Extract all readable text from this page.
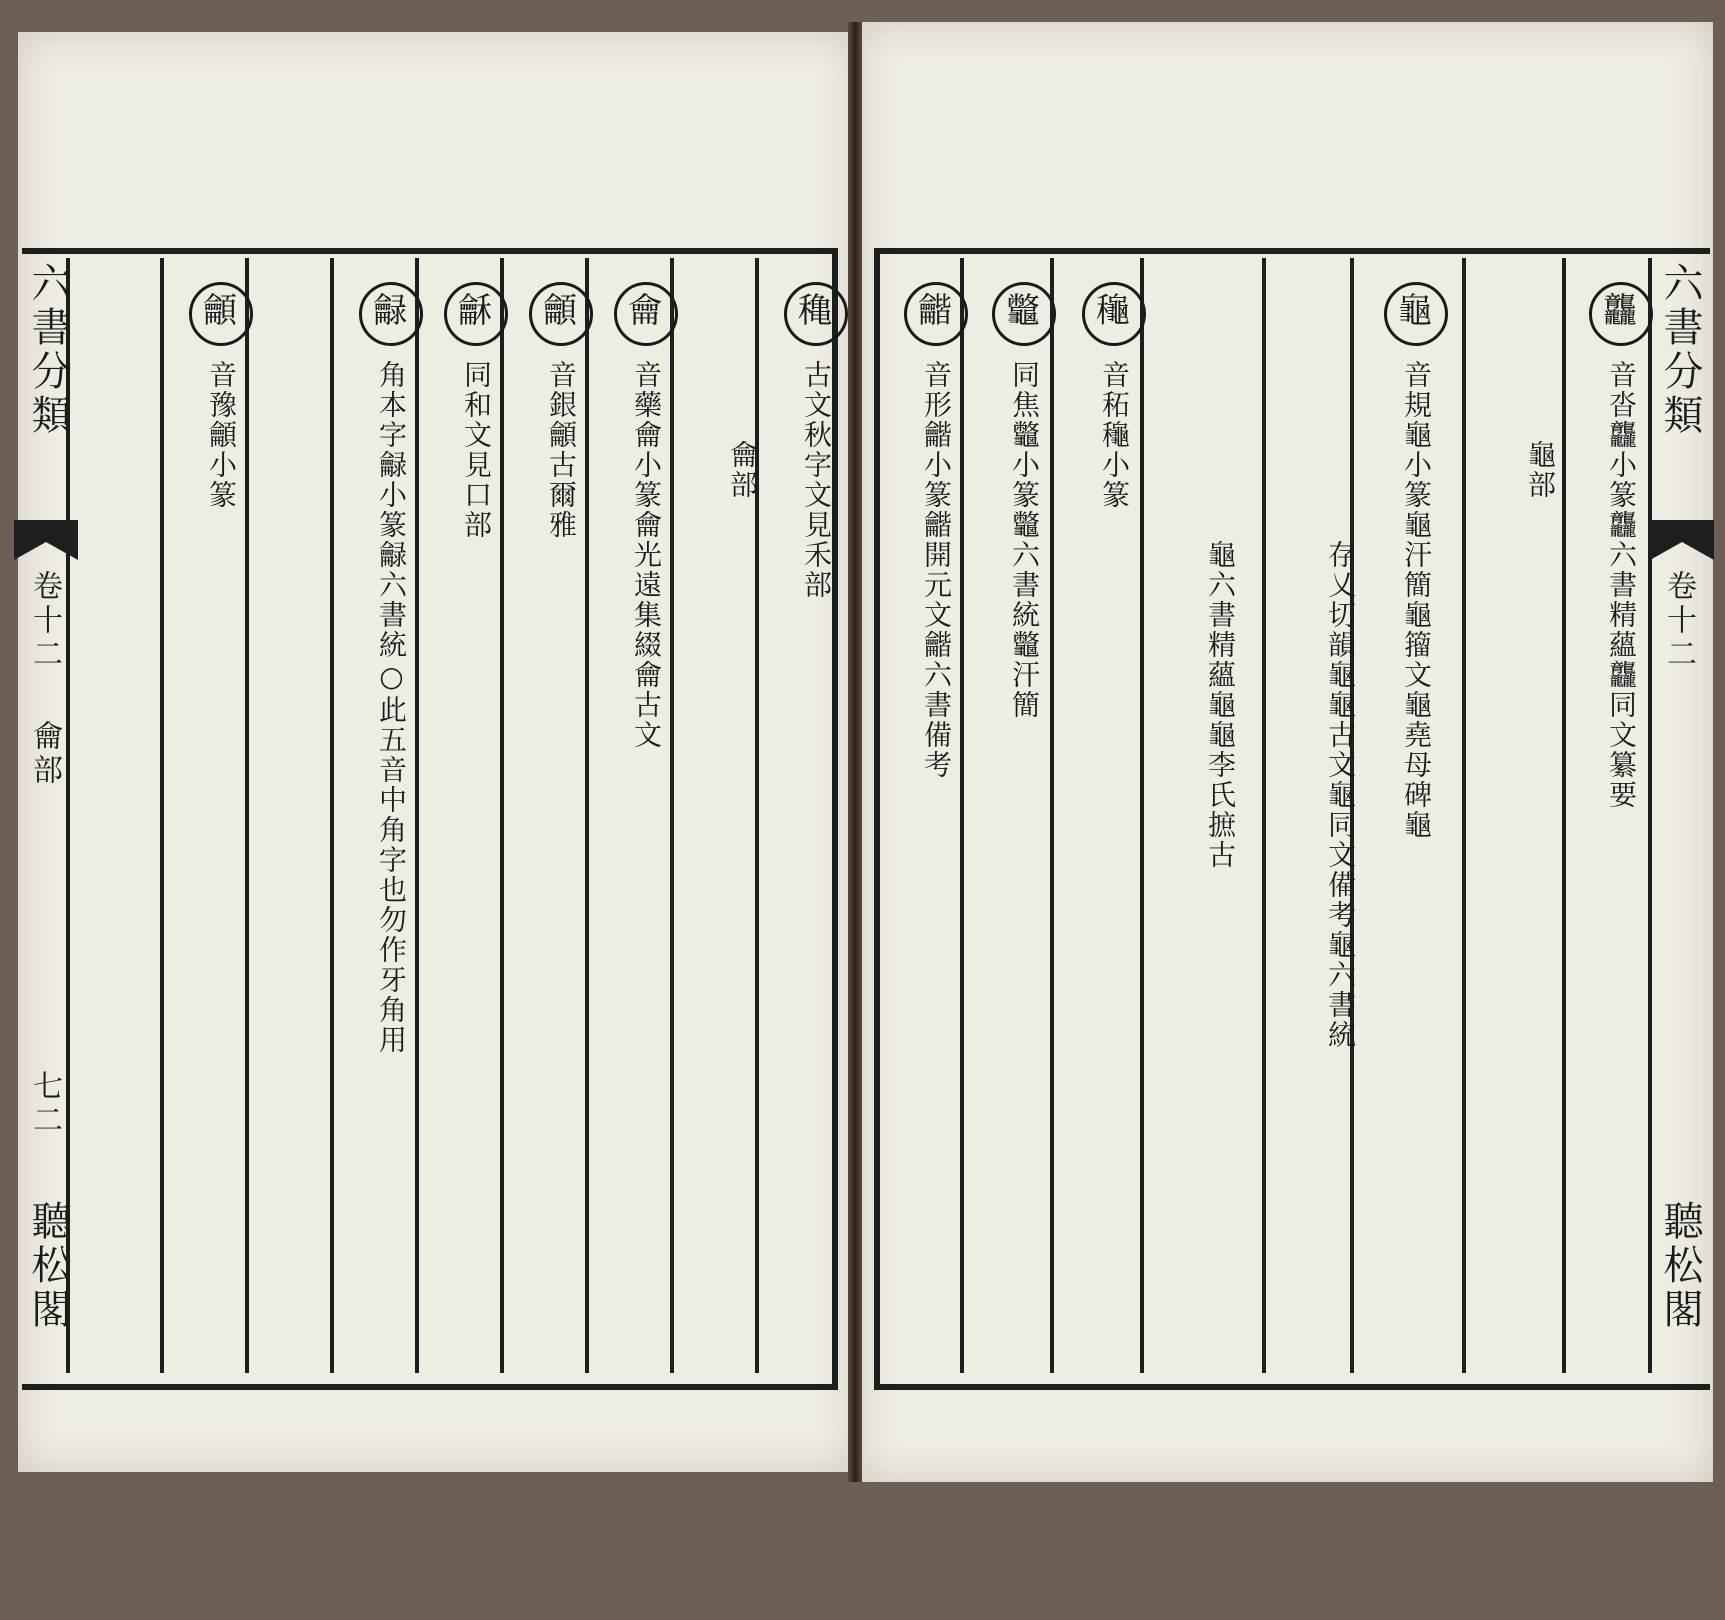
六書分類
卷十二
龠部
七二
聽松閣
穐古文秋字文見禾部
龠部
龠音藥龠小篆龠光遠集綴龠古文
龥音銀龥古爾雅
龢同和文見口部
龣角本字龣小篆龣六書統○此五音中角字也勿作牙角用
龥音豫龥小篆	六書分類
卷十二
聽松閣
龘音沓龘小篆龘六書精蘊龘同文纂要
龜部
龜音規龜小篆龜汗簡龜籀文龜堯母碑龜
存乂切韻龜龜古文龜同文備考龜六書統
龜六書精蘊龜龜李氏摭古
龝音䄷龝小篆
龞同焦龞小篆龞六書統龞汗簡
龤音形龤小篆龤開元文龤六書備考
